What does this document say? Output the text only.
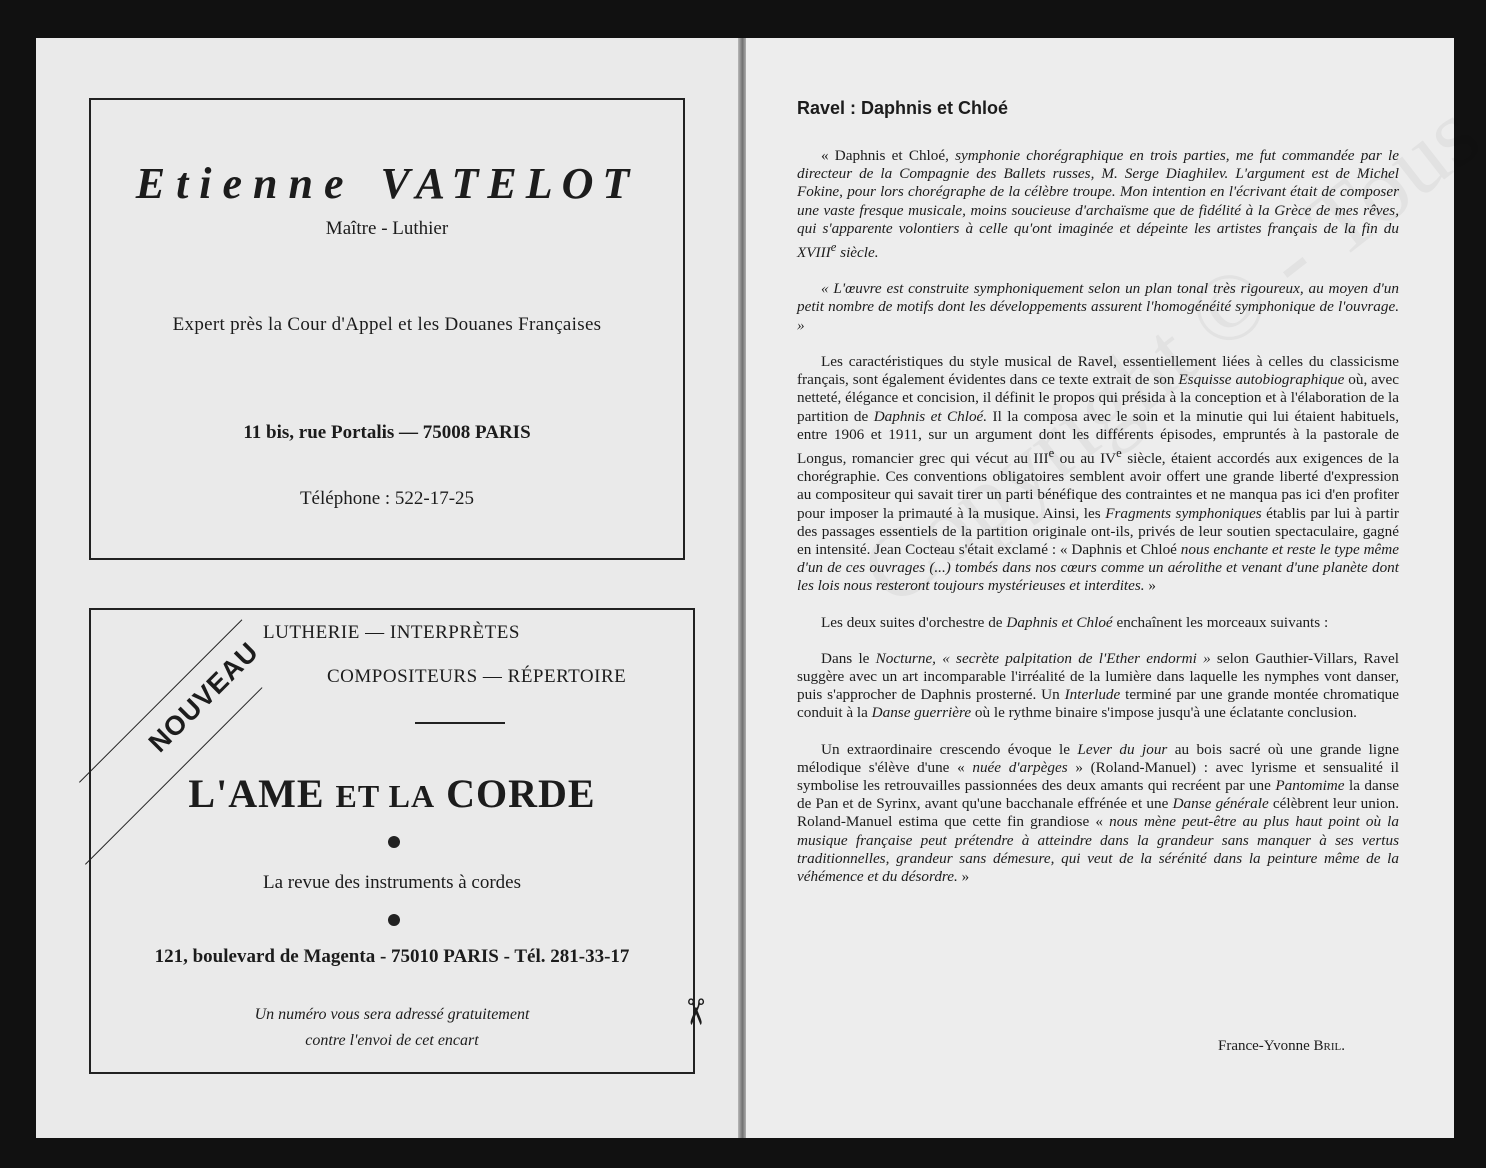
Etienne VATELOT
Maître - Luthier
Expert près la Cour d'Appel et les Douanes Françaises
11 bis, rue Portalis — 75008 PARIS
Téléphone : 522-17-25
NOUVEAU
LUTHERIE — INTERPRÈTES
COMPOSITEURS — RÉPERTOIRE
L'AME ET LA CORDE
La revue des instruments à cordes
121, boulevard de Magenta - 75010 PARIS - Tél. 281-33-17
Un numéro vous sera adressé gratuitement
contre l'envoi de cet encart
✂
Ravel : Daphnis et Chloé

« Daphnis et Chloé, symphonie chorégraphique en trois parties, me fut commandée par le directeur de la Compagnie des Ballets russes, M. Serge Diaghilev. L'argument est de Michel Fokine, pour lors chorégraphe de la célèbre troupe. Mon intention en l'écrivant était de composer une vaste fresque musicale, moins soucieuse d'archaïsme que de fidélité à la Grèce de mes rêves, qui s'apparente volontiers à celle qu'ont imaginée et dépeinte les artistes français de la fin du XVIIIe siècle.

« L'œuvre est construite symphoniquement selon un plan tonal très rigoureux, au moyen d'un petit nombre de motifs dont les développements assurent l'homogénéité symphonique de l'ouvrage. »

Les caractéristiques du style musical de Ravel, essentiellement liées à celles du classicisme français, sont également évidentes dans ce texte extrait de son Esquisse autobiographique où, avec netteté, élégance et concision, il définit le propos qui présida à la conception et à l'élaboration de la partition de Daphnis et Chloé. Il la composa avec le soin et la minutie qui lui étaient habituels, entre 1906 et 1911, sur un argument dont les différents épisodes, empruntés à la pastorale de Longus, romancier grec qui vécut au IIIe ou au IVe siècle, étaient accordés aux exigences de la chorégraphie. Ces conventions obligatoires semblent avoir offert une grande liberté d'expression au compositeur qui savait tirer un parti bénéfique des contraintes et ne manqua pas ici d'en profiter pour imposer la primauté à la musique. Ainsi, les Fragments symphoniques établis par lui à partir des passages essentiels de la partition originale ont-ils, privés de leur soutien spectaculaire, gagné en intensité. Jean Cocteau s'était exclamé : « Daphnis et Chloé nous enchante et reste le type même d'un de ces ouvrages (...) tombés dans nos cœurs comme un aérolithe et venant d'une planète dont les lois nous resteront toujours mystérieuses et interdites. »

Les deux suites d'orchestre de Daphnis et Chloé enchaînent les morceaux suivants :

Dans le Nocturne, « secrète palpitation de l'Ether endormi » selon Gauthier-Villars, Ravel suggère avec un art incomparable l'irréalité de la lumière dans laquelle les nymphes vont danser, puis s'approcher de Daphnis prosterné. Un Interlude terminé par une grande montée chromatique conduit à la Danse guerrière où le rythme binaire s'impose jusqu'à une éclatante conclusion.

Un extraordinaire crescendo évoque le Lever du jour au bois sacré où une grande ligne mélodique s'élève d'une « nuée d'arpèges » (Roland-Manuel) : avec lyrisme et sensualité il symbolise les retrouvailles passionnées des deux amants qui recréent par une Pantomime la danse de Pan et de Syrinx, avant qu'une bacchanale effrénée et une Danse générale célèbrent leur union. Roland-Manuel estima que cette fin grandiose « nous mène peut-être au plus haut point où la musique française peut prétendre à atteindre dans la grandeur sans manquer à ses vertus traditionnelles, grandeur sans démesure, qui veut de la sérénité dans la peinture même de la véhémence et du désordre. »

France-Yvonne Bril.
